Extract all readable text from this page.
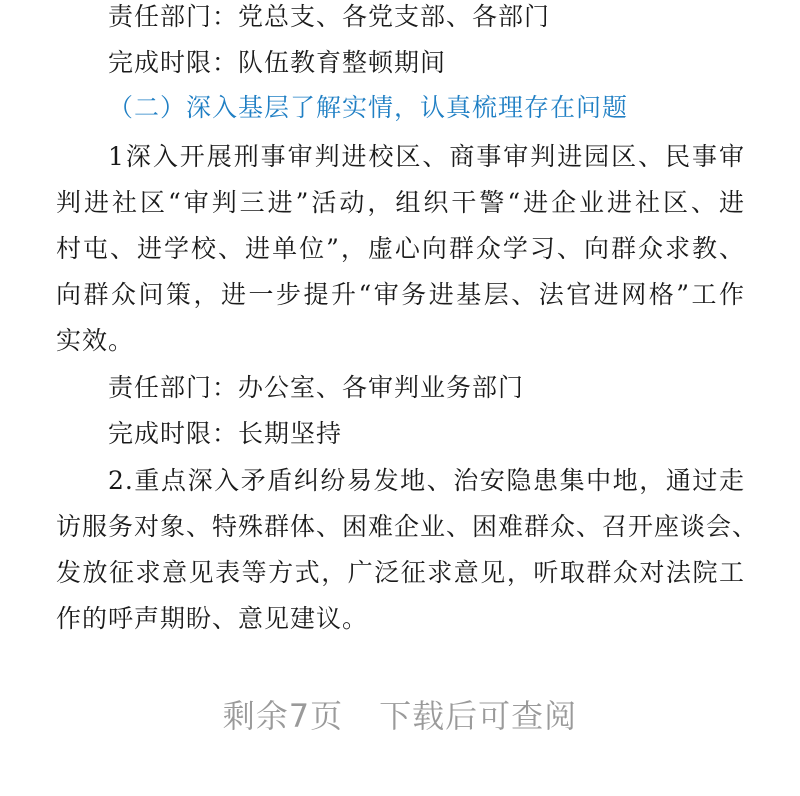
责任部门：党总支、各党支部、各部门
完成时限：队伍教育整顿期间
（二）深入基层了解实情，认真梳理存在问题
1深入开展刑事审判进校区、商事审判进园区、民事审
判进社区“审判三进”活动，组织干警“进企业进社区、进
村屯、进学校、进单位”，虚心向群众学习、向群众求教、
向群众问策，进一步提升“审务进基层、法官进网格”工作
实效。
责任部门：办公室、各审判业务部门
完成时限：长期坚持
2.重点深入矛盾纠纷易发地、治安隐患集中地，通过走
访服务对象、特殊群体、困难企业、困难群众、召开座谈会、
发放征求意见表等方式，广泛征求意见，听取群众对法院工
作的呼声期盼、意见建议。
剩余7页 下载后可查阅
